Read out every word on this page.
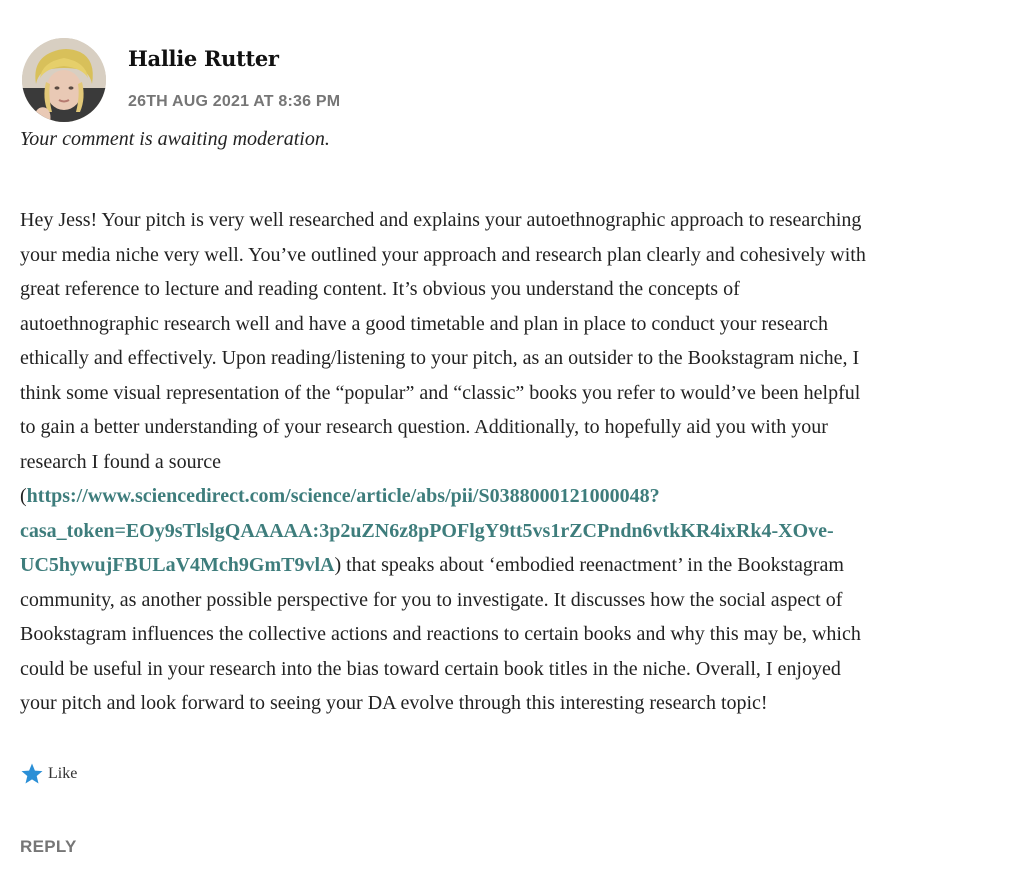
Hallie Rutter
26TH AUG 2021 AT 8:36 PM
Your comment is awaiting moderation.

Hey Jess! Your pitch is very well researched and explains your autoethnographic approach to researching
your media niche very well. You’ve outlined your approach and research plan clearly and cohesively with
great reference to lecture and reading content. It’s obvious you understand the concepts of
autoethnographic research well and have a good timetable and plan in place to conduct your research
ethically and effectively. Upon reading/listening to your pitch, as an outsider to the Bookstagram niche, I
think some visual representation of the “popular” and “classic” books you refer to would’ve been helpful
to gain a better understanding of your research question. Additionally, to hopefully aid you with your
research I found a source
(https://www.sciencedirect.com/science/article/abs/pii/S0388000121000048?
casa_token=EOy9sTlslgQAAAAA:3p2uZN6z8pPOFlgY9tt5vs1rZCPndn6vtkKR4ixRk4-XOve-
UC5hywujFBULaV4Mch9GmT9vlA) that speaks about ‘embodied reenactment’ in the Bookstagram
community, as another possible perspective for you to investigate. It discusses how the social aspect of
Bookstagram influences the collective actions and reactions to certain books and why this may be, which
could be useful in your research into the bias toward certain book titles in the niche. Overall, I enjoyed
your pitch and look forward to seeing your DA evolve through this interesting research topic!

Like
REPLY
